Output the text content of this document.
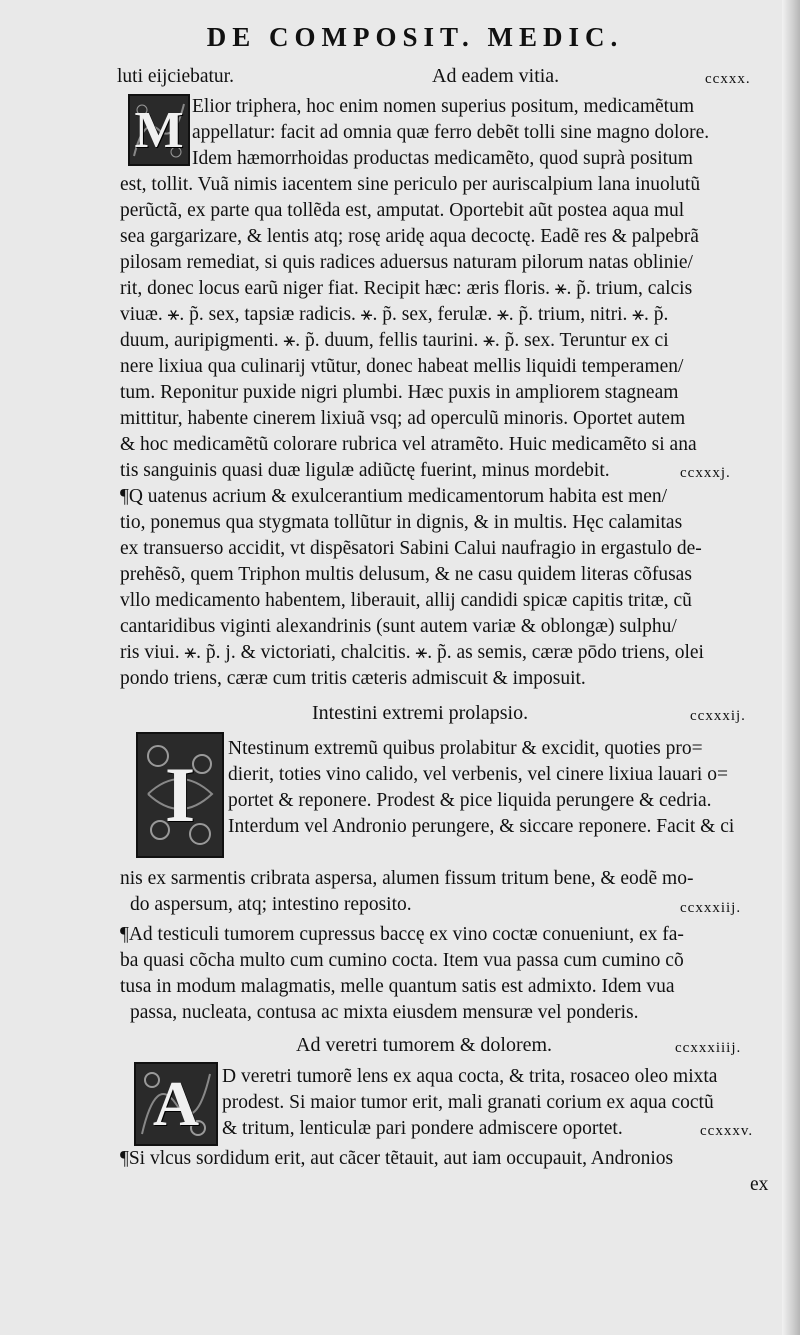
DE COMPOSIT. MEDIC.
luti eijciebatur.	Ad eadem vitia.	ccxxx.
M Elior triphera, hoc enim nomen superius positum, medicamẽtum
appellatur: facit ad omnia quæ ferro debẽt tolli sine magno dolore.
Idem hæmorrhoidas productas medicamẽto, quod suprà positum
est, tollit. Vuã nimis iacentem sine periculo per auriscalpium lana inuolutũ
perũctã, ex parte qua tollẽda est, amputat. Oportebit aũt postea aqua mul
sea gargarizare, & lentis atq; rosę aridę aqua decoctę. Eadẽ res & palpebrã
pilosam remediat, si quis radices aduersus naturam pilorum natas oblinie/
rit, donec locus earũ niger fiat. Recipit hæc: æris floris. ⚹. p̃. trium, calcis
viuæ. ⚹. p̃. sex, tapsiæ radicis. ⚹. p̃. sex, ferulæ. ⚹. p̃. trium, nitri. ⚹. p̃.
duum, auripigmenti. ⚹. p̃. duum, fellis taurini. ⚹. p̃. sex. Teruntur ex ci
nere lixiua qua culinarij vtũtur, donec habeat mellis liquidi temperamen/
tum. Reponitur puxide nigri plumbi. Hæc puxis in ampliorem stagneam
mittitur, habente cinerem lixiuã vsq; ad operculũ minoris. Oportet autem
& hoc medicamẽtũ colorare rubrica vel atramẽto. Huic medicamẽto si ana
tis sanguinis quasi duæ ligulæ adiũctę fuerint, minus mordebit.	ccxxxj.
¶Q uatenus acrium & exulcerantium medicamentorum habita est men/
tio, ponemus qua stygmata tollũtur in dignis, & in multis. Hęc calamitas
ex transuerso accidit, vt dispẽsatori Sabini Calui naufragio in ergastulo de-
prehẽsõ, quem Triphon multis delusum, & ne casu quidem literas cõfusas
vllo medicamento habentem, liberauit, allij candidi spicæ capitis tritæ, cũ
cantaridibus viginti alexandrinis (sunt autem variæ & oblongæ) sulphu/
ris viui. ⚹. p̃. j. & victoriati, chalcitis. ⚹. p̃. as semis, cæræ pōdo triens, olei
pondo triens, cæræ cum tritis cæteris admiscuit & imposuit.
Intestini extremi prolapsio.	ccxxxij.
I
Ntestinum extremũ quibus prolabitur & excidit, quoties pro=
dierit, toties vino calido, vel verbenis, vel cinere lixiua lauari o=
portet & reponere. Prodest & pice liquida perungere & cedria.
Interdum vel Andronio perungere, & siccare reponere. Facit & ci
nis ex sarmentis cribrata aspersa, alumen fissum tritum bene, & eodẽ mo-
do aspersum, atq; intestino reposito.	ccxxxiij.
¶Ad testiculi tumorem cupressus baccę ex vino coctæ conueniunt, ex fa-
ba quasi cõcha multo cum cumino cocta. Item vua passa cum cumino cõ
tusa in modum malagmatis, melle quantum satis est admixto. Idem vua
passa, nucleata, contusa ac mixta eiusdem mensuræ vel ponderis.
Ad veretri tumorem & dolorem.	ccxxxiiij.
A D veretri tumorẽ lens ex aqua cocta, & trita, rosaceo oleo mixta
prodest. Si maior tumor erit, mali granati corium ex aqua coctũ
& tritum, lenticulæ pari pondere admiscere oportet.	ccxxxv.
¶Si vlcus sordidum erit, aut cãcer tẽtauit, aut iam occupauit, Andronios
ex
